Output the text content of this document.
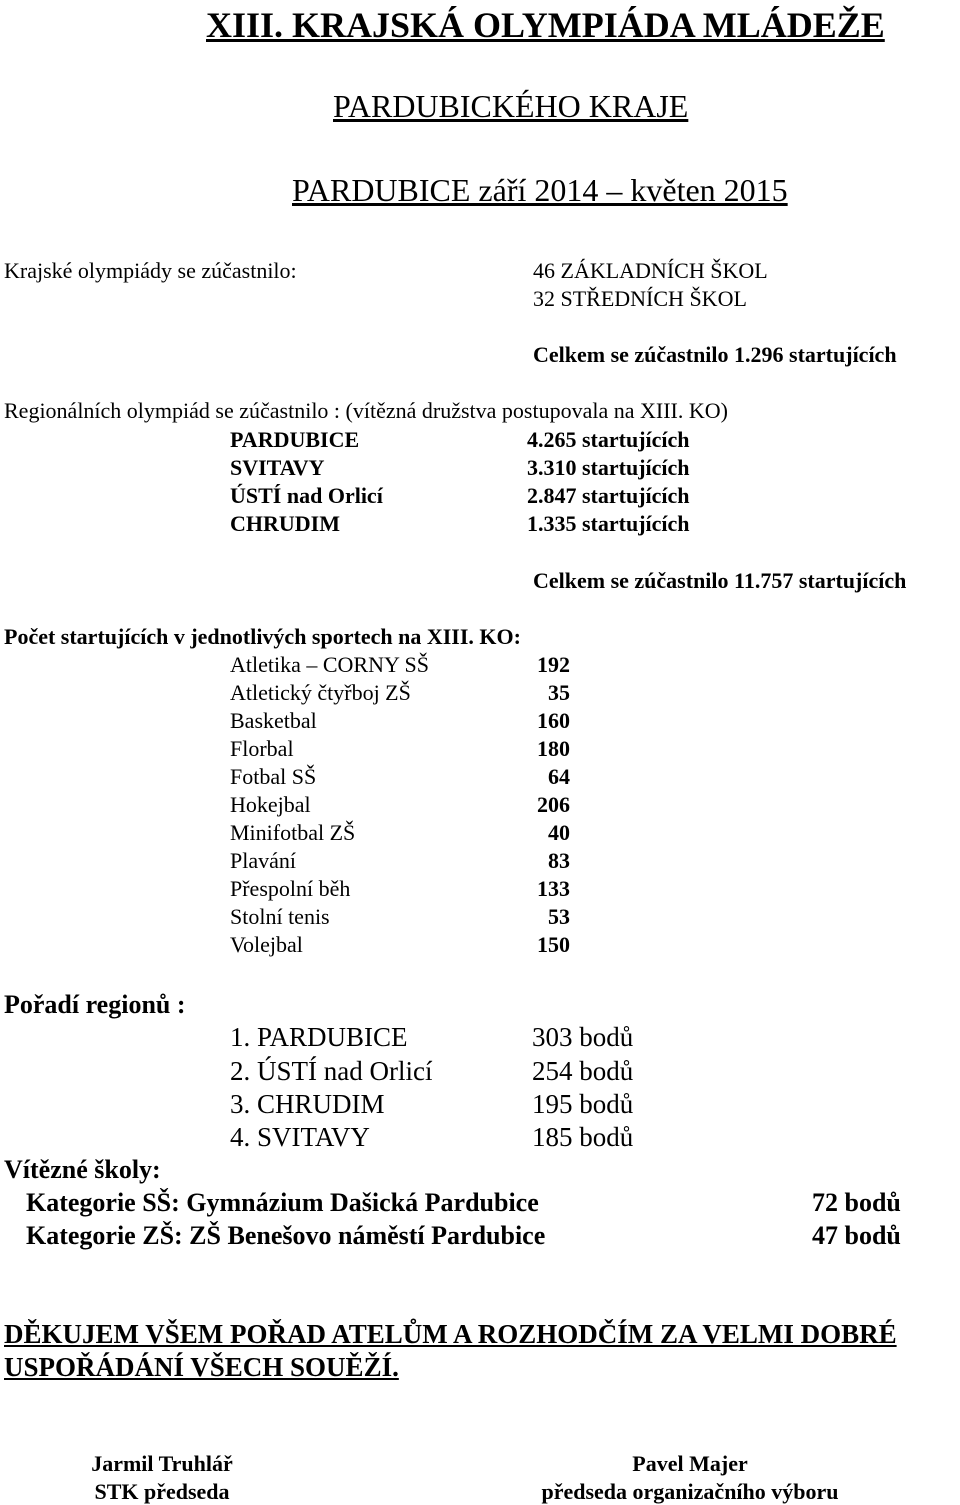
XIII. KRAJSKÁ OLYMPIÁDA MLÁDEŽE
PARDUBICKÉHO KRAJE
PARDUBICE září 2014 – květen 2015
Krajské olympiády se zúčastnilo:	46 ZÁKLADNÍCH ŠKOL
32 STŘEDNÍCH ŠKOL
Celkem se zúčastnilo 1.296 startujících
Regionálních olympiád se zúčastnilo : (vítězná družstva postupovala na XIII. KO)
PARDUBICE	4.265 startujících
SVITAVY	3.310 startujících
ÚSTÍ nad Orlicí	2.847 startujících
CHRUDIM	1.335 startujících
Celkem se zúčastnilo 11.757 startujících
Počet startujících v jednotlivých sportech na XIII. KO:
Atletika – CORNY SŠ	192
Atletický čtyřboj ZŠ	35
Basketbal	160
Florbal	180
Fotbal SŠ	64
Hokejbal	206
Minifotbal ZŠ	40
Plavání	83
Přespolní běh	133
Stolní tenis	53
Volejbal	150
Pořadí regionů :
1. PARDUBICE	303 bodů
2. ÚSTÍ nad Orlicí	254 bodů
3. CHRUDIM	195 bodů
4. SVITAVY	185 bodů
Vítězné školy:
Kategorie SŠ: Gymnázium Dašická Pardubice	72 bodů
Kategorie ZŠ: ZŠ Benešovo náměstí Pardubice	47 bodů
DĚKUJEM VŠEM POŘAD ATELŮM A ROZHODČÍM ZA VELMI DOBRÉ
USPOŘÁDÁNÍ VŠECH SOUĚŽÍ.
Jarmil Truhlář
STK předseda
Pavel Majer
předseda organizačního výboru
